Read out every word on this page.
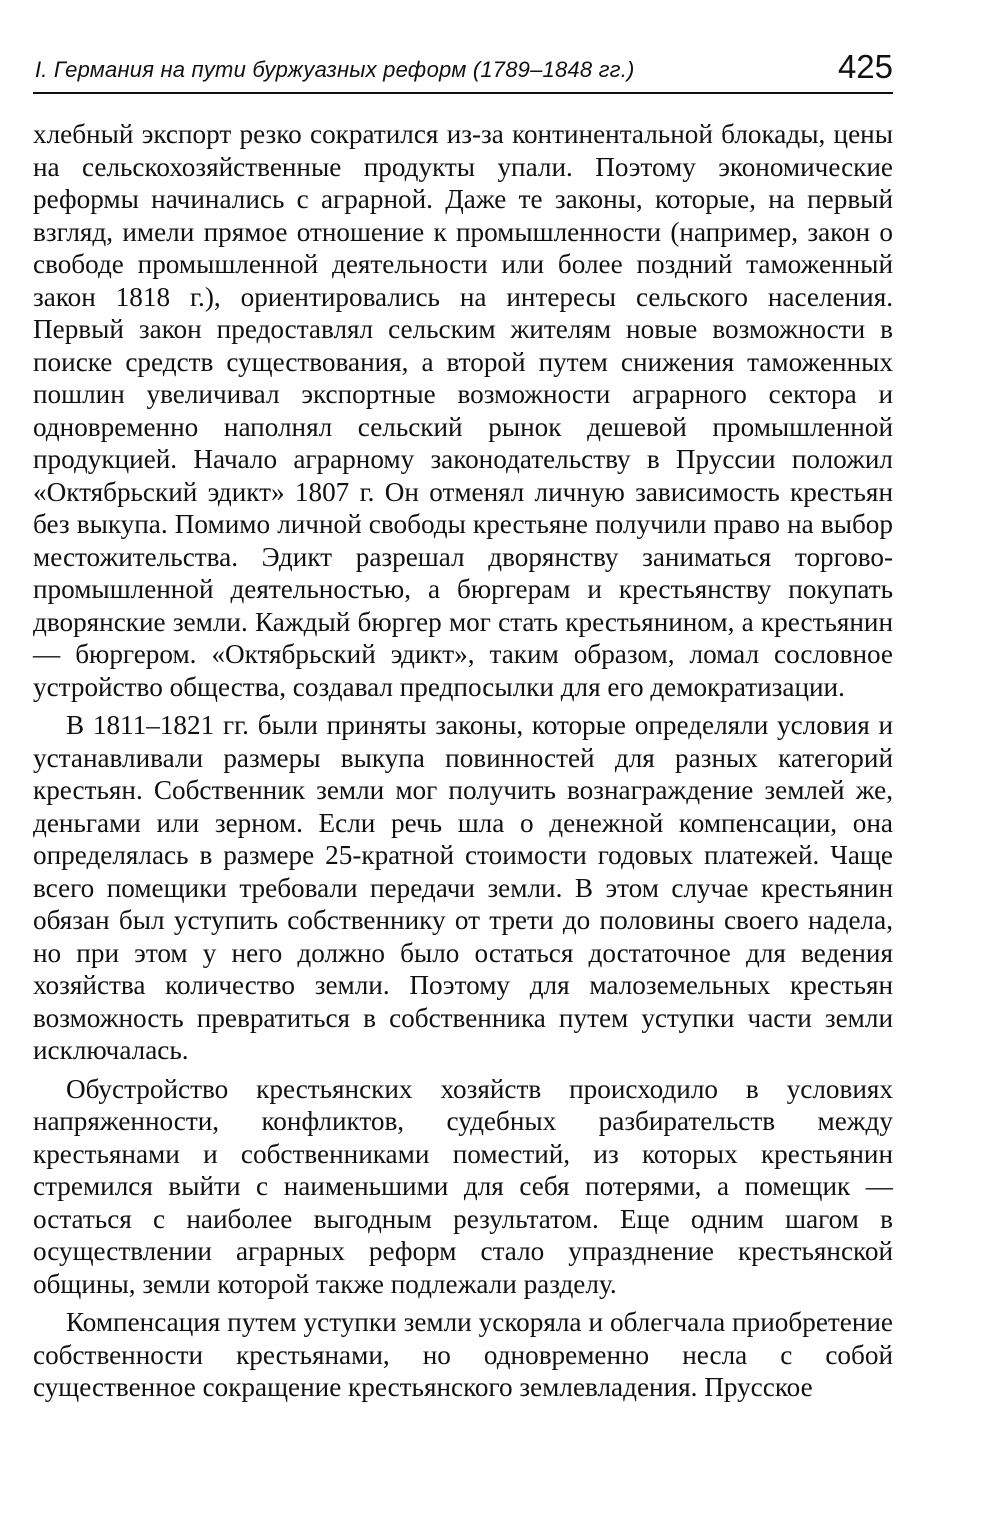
I. Германия на пути буржуазных реформ (1789–1848 гг.)	425

хлебный экспорт резко сократился из-за континентальной блокады, цены на сельскохозяйственные продукты упали. Поэтому экономические реформы начинались с аграрной. Даже те законы, которые, на первый взгляд, имели прямое отношение к промышленности (например, закон о свободе промышленной деятельности или более поздний таможенный закон 1818 г.), ориентировались на интересы сельского населения. Первый закон предоставлял сельским жителям новые возможности в поиске средств существования, а второй путем снижения таможенных пошлин увеличивал экспортные возможности аграрного сектора и одновременно наполнял сельский рынок дешевой промышленной продукцией. Начало аграрному законодательству в Пруссии положил «Октябрьский эдикт» 1807 г. Он отменял личную зависимость крестьян без выкупа. Помимо личной свободы крестьяне получили право на выбор местожительства. Эдикт разрешал дворянству заниматься торгово-промышленной деятельностью, а бюргерам и крестьянству покупать дворянские земли. Каждый бюргер мог стать крестьянином, а крестьянин — бюргером. «Октябрьский эдикт», таким образом, ломал сословное устройство общества, создавал предпосылки для его демократизации.

В 1811–1821 гг. были приняты законы, которые определяли условия и устанавливали размеры выкупа повинностей для разных категорий крестьян. Собственник земли мог получить вознаграждение землей же, деньгами или зерном. Если речь шла о денежной компенсации, она определялась в размере 25-кратной стоимости годовых платежей. Чаще всего помещики требовали передачи земли. В этом случае крестьянин обязан был уступить собственнику от трети до половины своего надела, но при этом у него должно было остаться достаточное для ведения хозяйства количество земли. Поэтому для малоземельных крестьян возможность превратиться в собственника путем уступки части земли исключалась.

Обустройство крестьянских хозяйств происходило в условиях напряженности, конфликтов, судебных разбирательств между крестьянами и собственниками поместий, из которых крестьянин стремился выйти с наименьшими для себя потерями, а помещик — остаться с наиболее выгодным результатом. Еще одним шагом в осуществлении аграрных реформ стало упразднение крестьянской общины, земли которой также подлежали разделу.

Компенсация путем уступки земли ускоряла и облегчала приобретение собственности крестьянами, но одновременно несла с собой существенное сокращение крестьянского землевладения. Прусское
